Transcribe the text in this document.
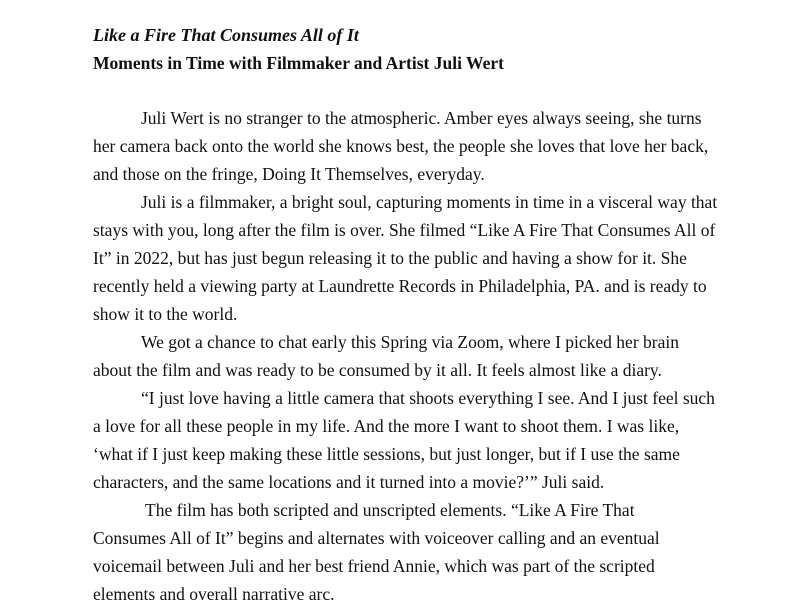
Like a Fire That Consumes All of It

Moments in Time with Filmmaker and Artist Juli Wert

Juli Wert is no stranger to the atmospheric. Amber eyes always seeing, she turns
her camera back onto the world she knows best, the people she loves that love her back,
and those on the fringe, Doing It Themselves, everyday.

Juli is a filmmaker, a bright soul, capturing moments in time in a visceral way that
stays with you, long after the film is over. She filmed “Like A Fire That Consumes All of
It” in 2022, but has just begun releasing it to the public and having a show for it. She
recently held a viewing party at Laundrette Records in Philadelphia, PA. and is ready to
show it to the world.

We got a chance to chat early this Spring via Zoom, where I picked her brain
about the film and was ready to be consumed by it all. It feels almost like a diary.

“I just love having a little camera that shoots everything I see. And I just feel such
a love for all these people in my life. And the more I want to shoot them. I was like,
‘what if I just keep making these little sessions, but just longer, but if I use the same
characters, and the same locations and it turned into a movie?’” Juli said.

The film has both scripted and unscripted elements. “Like A Fire That
Consumes All of It” begins and alternates with voiceover calling and an eventual
voicemail between Juli and her best friend Annie, which was part of the scripted
elements and overall narrative arc.
